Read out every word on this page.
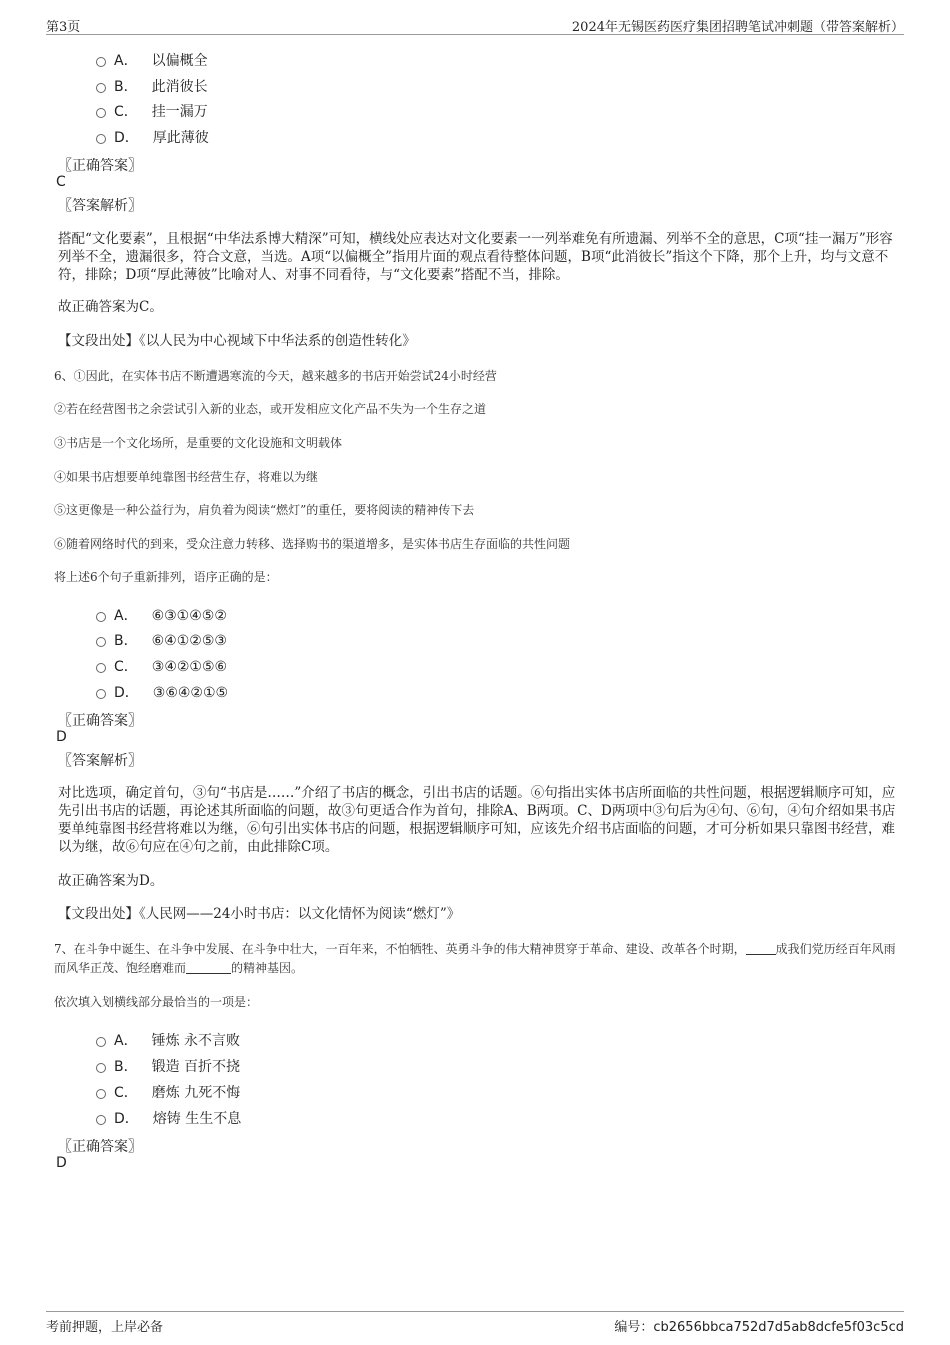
第3页	2024年无锡医药医疗集团招聘笔试冲刺题（带答案解析）
A． 以偏概全
B． 此消彼长
C． 挂一漏万
D． 厚此薄彼
〖正确答案〗
C
〖答案解析〗
搭配“文化要素”，且根据“中华法系博大精深”可知，横线处应表达对文化要素一一列举难免有所遗漏、列举不全的意思，C项“挂一漏万”形容列举不全，遗漏很多，符合文意，当选。A项“以偏概全”指用片面的观点看待整体问题，B项“此消彼长”指这个下降，那个上升，均与文意不符，排除；D项“厚此薄彼”比喻对人、对事不同看待，与“文化要素”搭配不当，排除。
故正确答案为C。
【文段出处】《以人民为中心视域下中华法系的创造性转化》
6、①因此，在实体书店不断遭遇寒流的今天，越来越多的书店开始尝试24小时经营
②若在经营图书之余尝试引入新的业态，或开发相应文化产品不失为一个生存之道
③书店是一个文化场所，是重要的文化设施和文明载体
④如果书店想要单纯靠图书经营生存，将难以为继
⑤这更像是一种公益行为，肩负着为阅读“燃灯”的重任，要将阅读的精神传下去
⑥随着网络时代的到来，受众注意力转移、选择购书的渠道增多，是实体书店生存面临的共性问题
将上述6个句子重新排列，语序正确的是：
A． ⑥③①④⑤②
B． ⑥④①②⑤③
C． ③④②①⑤⑥
D． ③⑥④②①⑤
〖正确答案〗
D
〖答案解析〗
对比选项，确定首句，③句“书店是……”介绍了书店的概念，引出书店的话题。⑥句指出实体书店所面临的共性问题，根据逻辑顺序可知，应先引出书店的话题，再论述其所面临的问题，故③句更适合作为首句，排除A、B两项。C、D两项中③句后为④句、⑥句，④句介绍如果书店要单纯靠图书经营将难以为继，⑥句引出实体书店的问题，根据逻辑顺序可知，应该先介绍书店面临的问题，才可分析如果只靠图书经营，难以为继，故⑥句应在④句之前，由此排除C项。
故正确答案为D。
【文段出处】《人民网——24小时书店：以文化情怀为阅读“燃灯”》
7、在斗争中诞生、在斗争中发展、在斗争中壮大，一百年来，不怕牺牲、英勇斗争的伟大精神贯穿于革命、建设、改革各个时期，	成我们党历经百年风雨而风华正茂、饱经磨难而	的精神基因。
依次填入划横线部分最恰当的一项是：
A． 锤炼 永不言败
B． 锻造 百折不挠
C． 磨炼 九死不悔
D． 熔铸 生生不息
〖正确答案〗
D
考前押题，上岸必备	编号：cb2656bbca752d7d5ab8dcfe5f03c5cd
